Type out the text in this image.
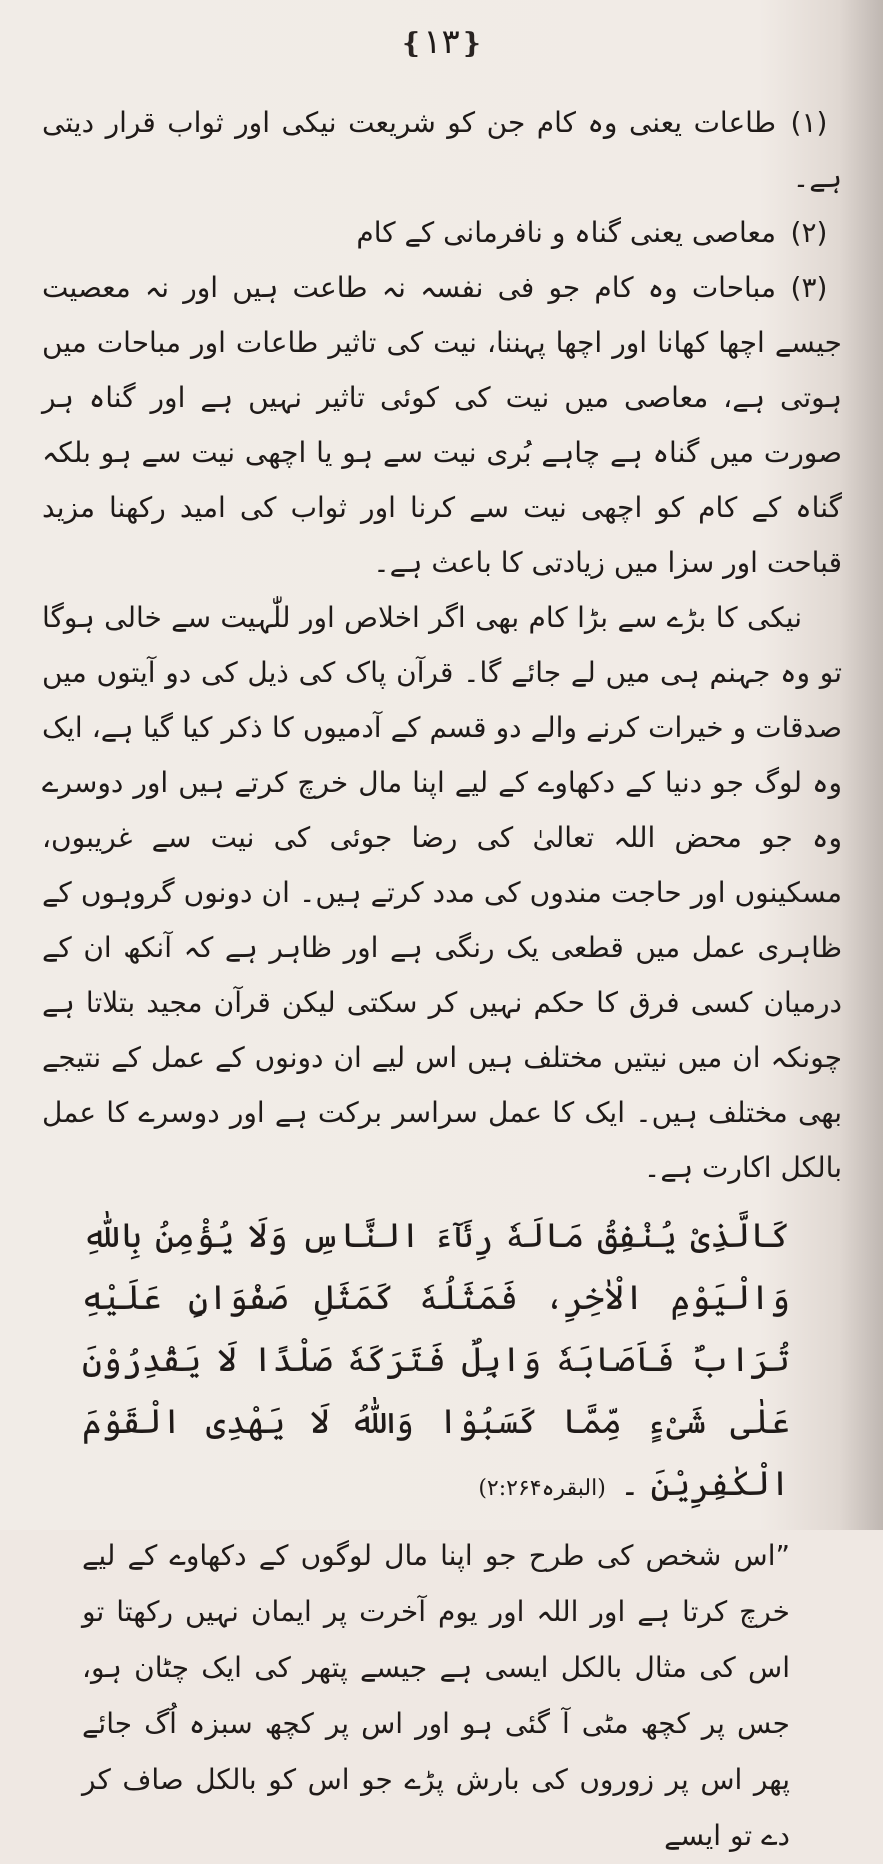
❴١٣❵

(١)طاعات یعنی وہ کام جن کو شریعت نیکی اور ثواب قرار دیتی ہے۔

(٢)معاصی یعنی گناہ و نافرمانی کے کام

(٣)مباحات وہ کام جو فی نفسہ نہ طاعت ہیں اور نہ معصیت جیسے اچھا کھانا اور اچھا پہننا، نیت کی تاثیر طاعات اور مباحات میں ہوتی ہے، معاصی میں نیت کی کوئی تاثیر نہیں ہے اور گناہ ہر صورت میں گناہ ہے چاہے بُری نیت سے ہو یا اچھی نیت سے ہو بلکہ گناہ کے کام کو اچھی نیت سے کرنا اور ثواب کی امید رکھنا مزید قباحت اور سزا میں زیادتی کا باعث ہے۔

نیکی کا بڑے سے بڑا کام بھی اگر اخلاص اور للّٰہیت سے خالی ہوگا تو وہ جہنم ہی میں لے جائے گا۔ قرآن پاک کی ذیل کی دو آیتوں میں صدقات و خیرات کرنے والے دو قسم کے آدمیوں کا ذکر کیا گیا ہے، ایک وہ لوگ جو دنیا کے دکھاوے کے لیے اپنا مال خرچ کرتے ہیں اور دوسرے وہ جو محض اللہ تعالیٰ کی رضا جوئی کی نیت سے غریبوں، مسکینوں اور حاجت مندوں کی مدد کرتے ہیں۔ ان دونوں گروہوں کے ظاہری عمل میں قطعی یک رنگی ہے اور ظاہر ہے کہ آنکھ ان کے درمیان کسی فرق کا حکم نہیں کر سکتی لیکن قرآن مجید بتلاتا ہے چونکہ ان میں نیتیں مختلف ہیں اس لیے ان دونوں کے عمل کے نتیجے بھی مختلف ہیں۔ ایک کا عمل سراسر برکت ہے اور دوسرے کا عمل بالکل اکارت ہے۔

كَالَّذِىْ يُنْفِقُ مَالَهٗ رِئَآءَ النَّاسِ وَلَا يُؤْمِنُ بِاللّٰهِ وَالْيَوْمِ الْاٰخِرِ، فَمَثَلُهٗ كَمَثَلِ صَفْوَانٍ عَلَيْهِ تُرَابٌ فَاَصَابَهٗ وَابِلٌ فَتَرَكَهٗ صَلْدًا لَا يَقْدِرُوْنَ عَلٰى شَىْءٍ مِّمَّا كَسَبُوْا وَاللّٰهُ لَا يَهْدِى الْقَوْمَ الْكٰفِرِيْنَ ۔(البقرہ۲:۲۶۴)

”اس شخص کی طرح جو اپنا مال لوگوں کے دکھاوے کے لیے خرچ کرتا ہے اور اللہ اور یوم آخرت پر ایمان نہیں رکھتا تو اس کی مثال بالکل ایسی ہے جیسے پتھر کی ایک چٹان ہو، جس پر کچھ مٹی آ گئی ہو اور اس پر کچھ سبزہ اُگ جائے پھر اس پر زوروں کی بارش پڑے جو اس کو بالکل صاف کر دے تو ایسے
